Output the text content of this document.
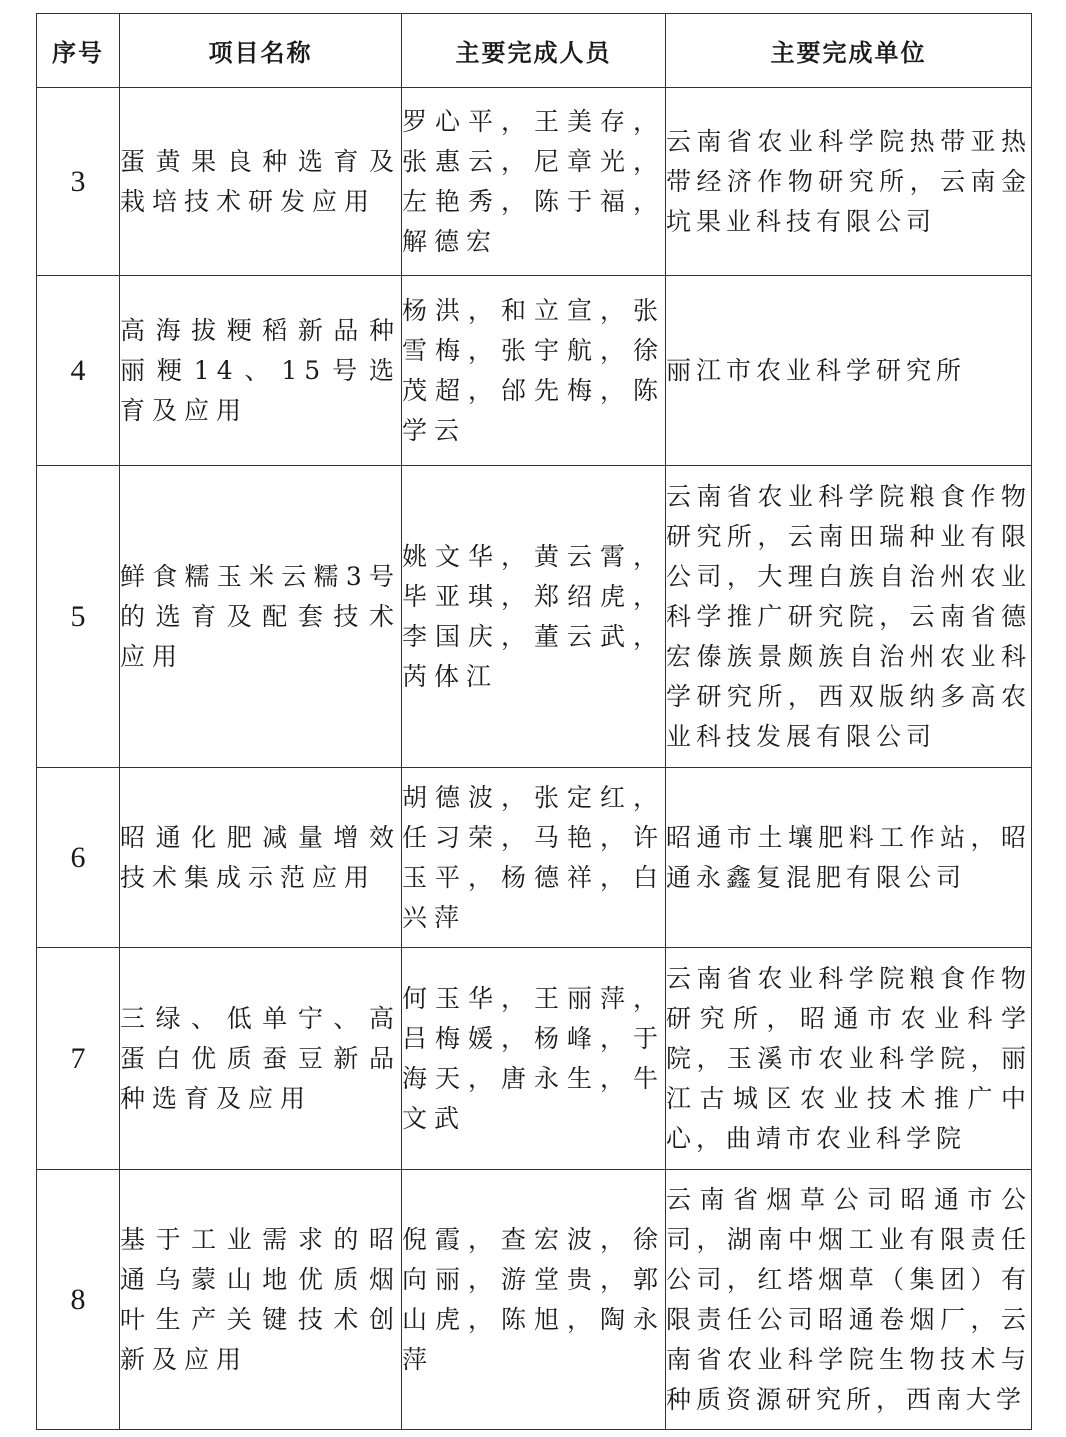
序号	项目名称	主要完成人员	主要完成单位
3	蛋黄果良种选育及栽培技术研发应用	罗心平，王美存，张惠云，尼章光，左艳秀，陈于福，解德宏	云南省农业科学院热带亚热带经济作物研究所，云南金坑果业科技有限公司
4	高海拔粳稻新品种丽粳14、15号选育及应用	杨洪，和立宣，张雪梅，张宇航，徐茂超，邰先梅，陈学云	丽江市农业科学研究所
5	鲜食糯玉米云糯3号的选育及配套技术应用	姚文华，黄云霄，毕亚琪，郑绍虎，李国庆，董云武，芮体江	云南省农业科学院粮食作物研究所，云南田瑞种业有限公司，大理白族自治州农业科学推广研究院，云南省德宏傣族景颇族自治州农业科学研究所，西双版纳多高农业科技发展有限公司
6	昭通化肥减量增效技术集成示范应用	胡德波，张定红，任习荣，马艳，许玉平，杨德祥，白兴萍	昭通市土壤肥料工作站，昭通永鑫复混肥有限公司
7	三绿、低单宁、高蛋白优质蚕豆新品种选育及应用	何玉华，王丽萍，吕梅媛，杨峰，于海天，唐永生，牛文武	云南省农业科学院粮食作物研究所，昭通市农业科学院，玉溪市农业科学院，丽江古城区农业技术推广中心，曲靖市农业科学院
8	基于工业需求的昭通乌蒙山地优质烟叶生产关键技术创新及应用	倪霞，查宏波，徐向丽，游堂贵，郭山虎，陈旭，陶永萍	云南省烟草公司昭通市公司，湖南中烟工业有限责任公司，红塔烟草（集团）有限责任公司昭通卷烟厂，云南省农业科学院生物技术与种质资源研究所，西南大学
